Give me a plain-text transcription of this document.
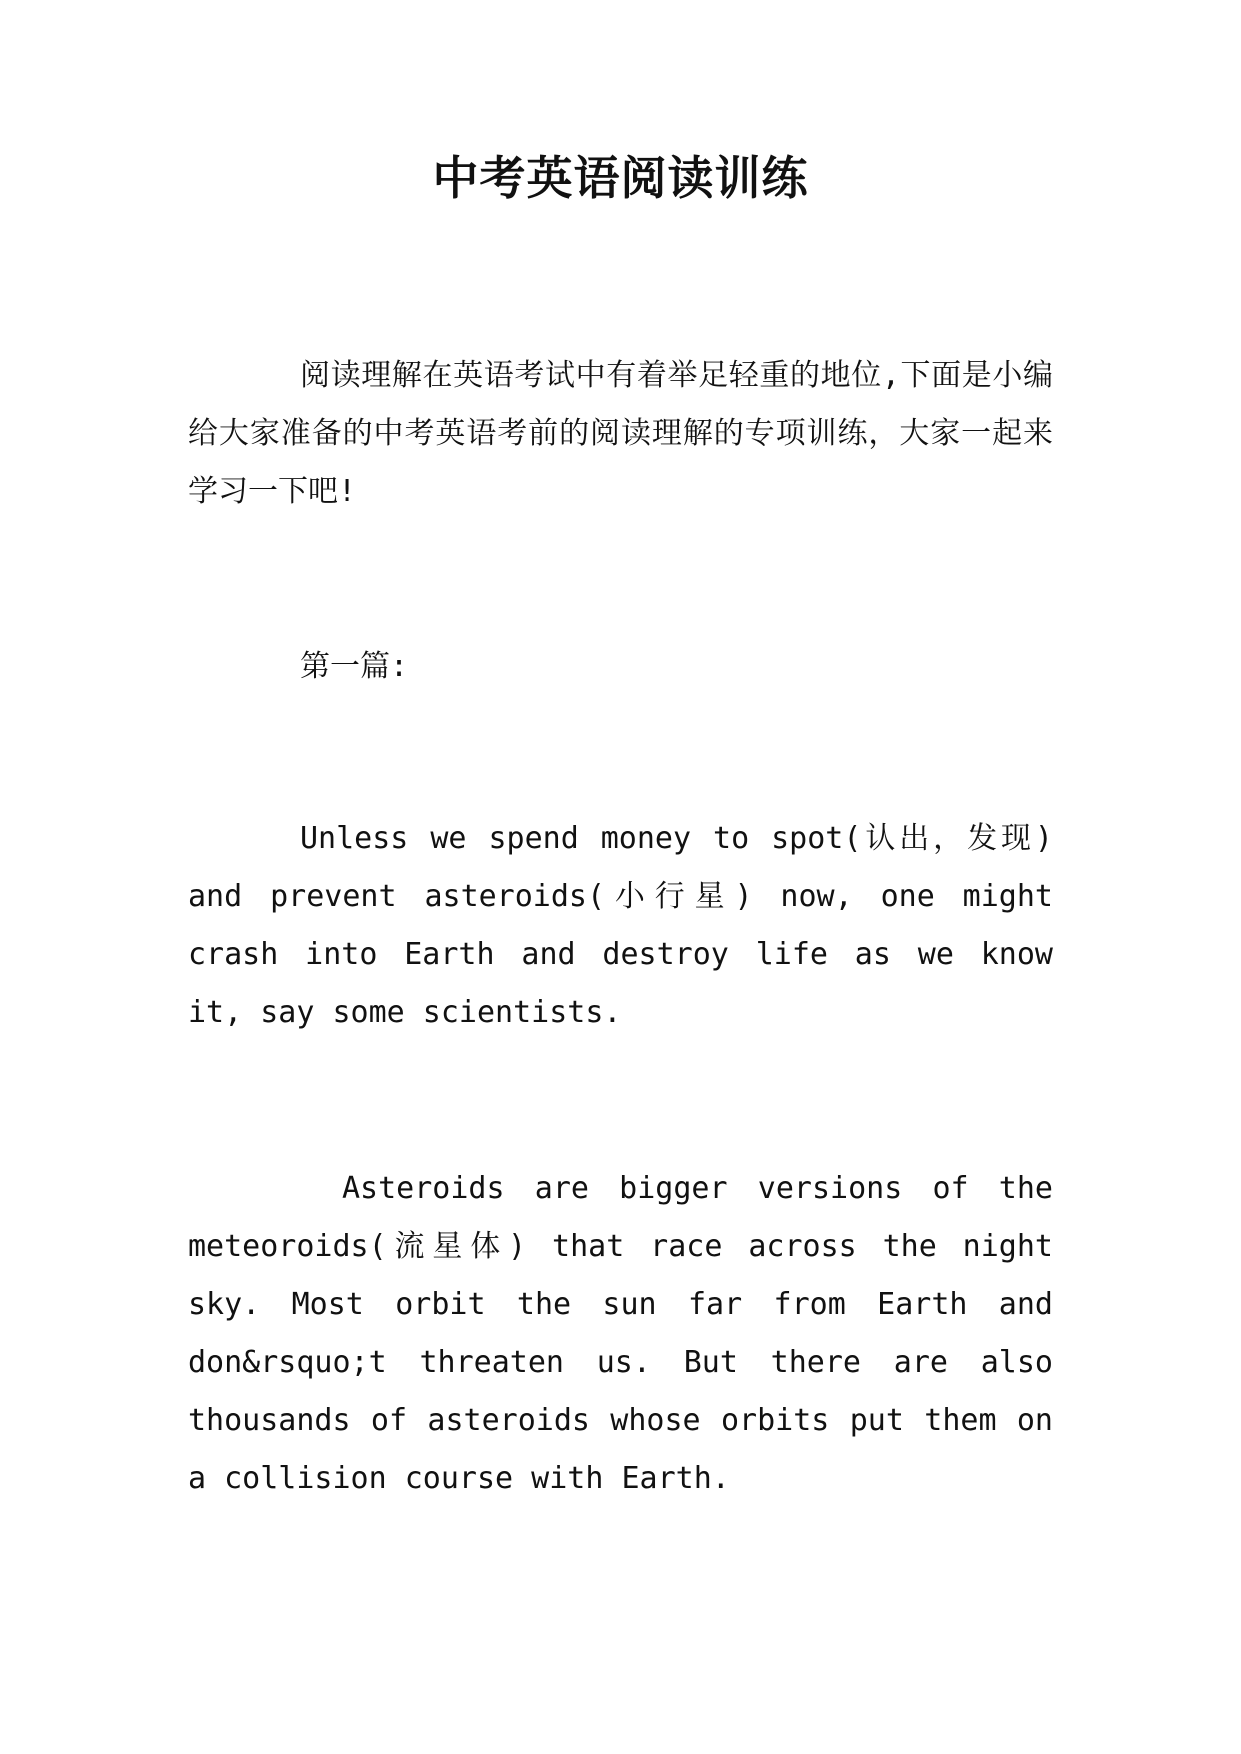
中考英语阅读训练

阅读理解在英语考试中有着举足轻重的地位,下面是小编给大家准备的中考英语考前的阅读理解的专项训练，大家一起来学习一下吧!

第一篇:

Unless we spend money to spot(认出，发现) and prevent asteroids(小行星) now, one might crash into Earth and destroy life as we know it, say some scientists.

Asteroids are bigger versions of the meteoroids(流星体) that race across the night sky. Most orbit the sun far from Earth and don&rsquo;t threaten us. But there are also thousands of asteroids whose orbits put them on a collision course with Earth.
